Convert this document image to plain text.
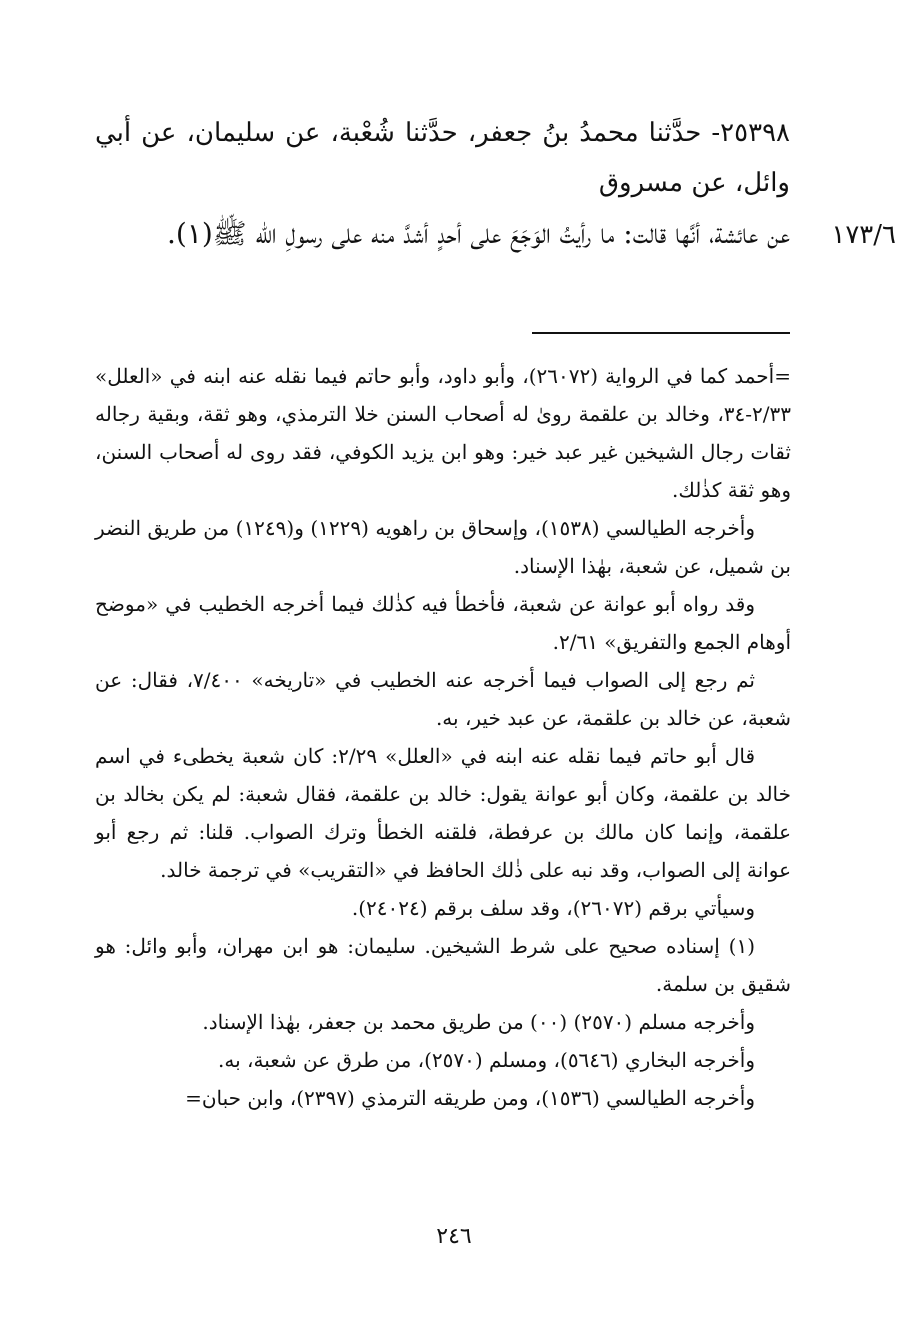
٢٥٣٩٨- حدَّثنا محمدُ بنُ جعفر، حدَّثنا شُعْبة، عن سليمان، عن أبي وائل، عن مسروق
١٧٣/٦
عن عائشة، أنَّها قالت: ما رأيتُ الوَجَعَ على أحدٍ أشدَّ منه على رسولِ الله ﷺ(١).

=أحمد كما في الرواية (٢٦٠٧٢)، وأبو داود، وأبو حاتم فيما نقله عنه ابنه في «العلل» ٢/٣٣-٣٤، وخالد بن علقمة روىٰ له أصحاب السنن خلا الترمذي، وهو ثقة، وبقية رجاله ثقات رجال الشيخين غير عبد خير: وهو ابن يزيد الكوفي، فقد روى له أصحاب السنن، وهو ثقة كذٰلك.

وأخرجه الطيالسي (١٥٣٨)، وإسحاق بن راهويه (١٢٢٩) و(١٢٤٩) من طريق النضر بن شميل، عن شعبة، بهٰذا الإسناد.

وقد رواه أبو عوانة عن شعبة، فأخطأ فيه كذٰلك فيما أخرجه الخطيب في «موضح أوهام الجمع والتفريق» ٢/٦١.

ثم رجع إلى الصواب فيما أخرجه عنه الخطيب في «تاريخه» ٧/٤٠٠، فقال: عن شعبة، عن خالد بن علقمة، عن عبد خير، به.

قال أبو حاتم فيما نقله عنه ابنه في «العلل» ٢/٢٩: كان شعبة يخطىء في اسم خالد بن علقمة، وكان أبو عوانة يقول: خالد بن علقمة، فقال شعبة: لم يكن بخالد بن علقمة، وإنما كان مالك بن عرفطة، فلقنه الخطأ وترك الصواب. قلنا: ثم رجع أبو عوانة إلى الصواب، وقد نبه على ذٰلك الحافظ في «التقريب» في ترجمة خالد.

وسيأتي برقم (٢٦٠٧٢)، وقد سلف برقم (٢٤٠٢٤).

(١) إسناده صحيح على شرط الشيخين. سليمان: هو ابن مهران، وأبو وائل: هو شقيق بن سلمة.

وأخرجه مسلم (٢٥٧٠) (٠٠) من طريق محمد بن جعفر، بهٰذا الإسناد.

وأخرجه البخاري (٥٦٤٦)، ومسلم (٢٥٧٠)، من طرق عن شعبة، به.

وأخرجه الطيالسي (١٥٣٦)، ومن طريقه الترمذي (٢٣٩٧)، وابن حبان=

٢٤٦
